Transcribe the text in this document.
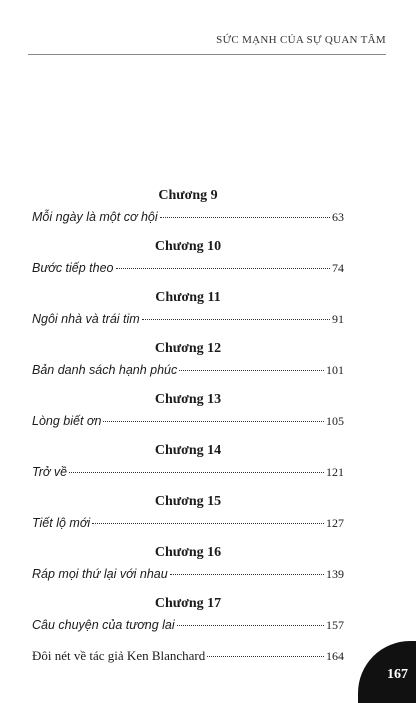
SỨC MẠNH CỦA SỰ QUAN TÂM
Chương 9
Mỗi ngày là một cơ hội	63
Chương 10
Bước tiếp theo	74
Chương 11
Ngôi nhà và trái tim	91
Chương 12
Bản danh sách hạnh phúc	101
Chương 13
Lòng biết ơn	105
Chương 14
Trở về	121
Chương 15
Tiết lộ mới	127
Chương 16
Ráp mọi thứ lại với nhau	139
Chương 17
Câu chuyện của tương lai	157
Đôi nét về tác giả Ken Blanchard	164
167
